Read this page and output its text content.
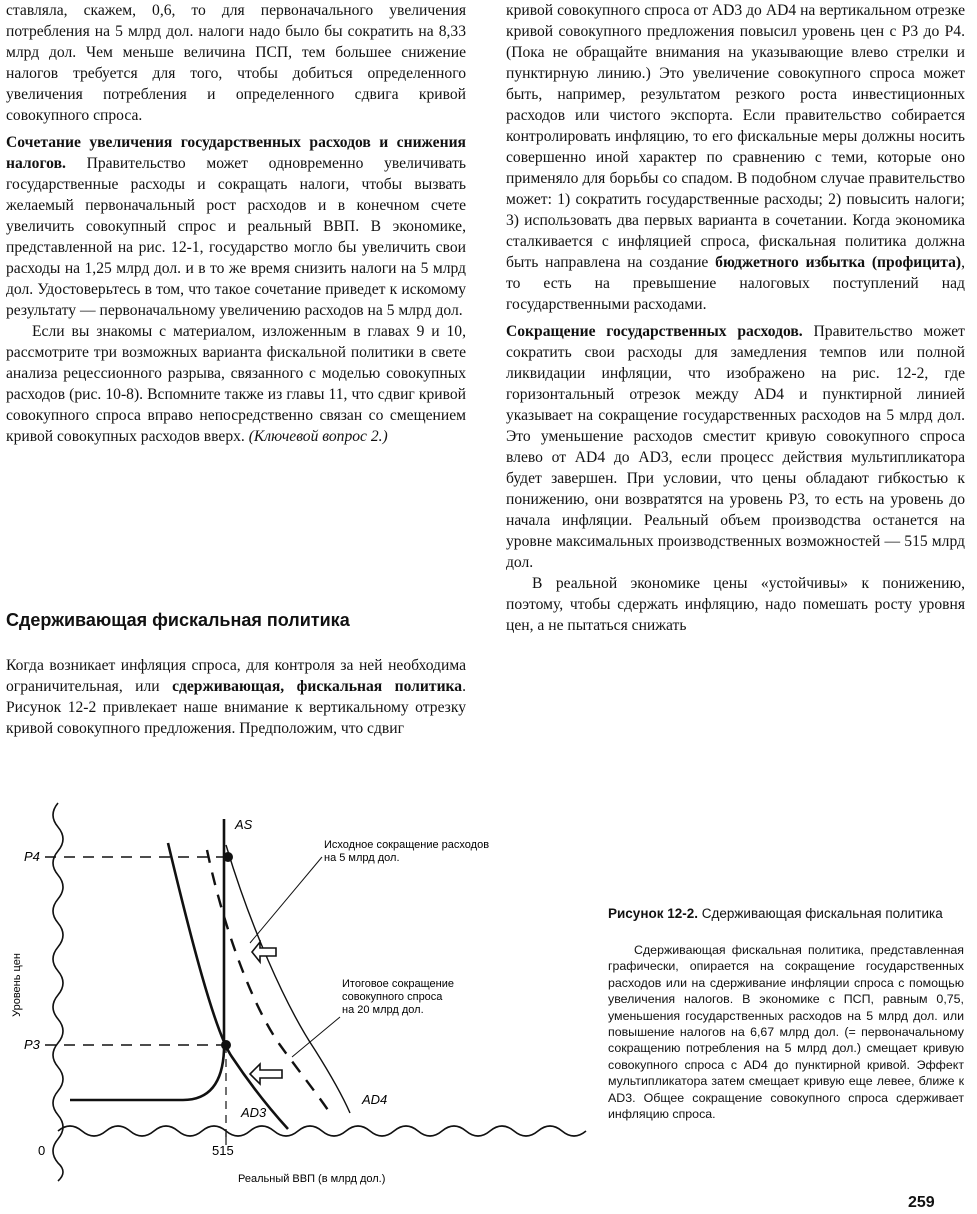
ставляла, скажем, 0,6, то для первоначального увеличения потребления на 5 млрд дол. налоги надо было бы сократить на 8,33 млрд дол. Чем меньше величина ПСП, тем большее снижение налогов требуется для того, чтобы добиться определенного увеличения потребления и определенного сдвига кривой совокупного спроса.

Сочетание увеличения государственных расходов и снижения налогов. Правительство может одновременно увеличивать государственные расходы и сокращать налоги, чтобы вызвать желаемый первоначальный рост расходов и в конечном счете увеличить совокупный спрос и реальный ВВП. В экономике, представленной на рис. 12-1, государство могло бы увеличить свои расходы на 1,25 млрд дол. и в то же время снизить налоги на 5 млрд дол. Удостоверьтесь в том, что такое сочетание приведет к искомому результату — первоначальному увеличению расходов на 5 млрд дол.

Если вы знакомы с материалом, изложенным в главах 9 и 10, рассмотрите три возможных варианта фискальной политики в свете анализа рецессионного разрыва, связанного с моделью совокупных расходов (рис. 10-8). Вспомните также из главы 11, что сдвиг кривой совокупного спроса вправо непосредственно связан со смещением кривой совокупных расходов вверх. (Ключевой вопрос 2.)

Сдерживающая фискальная политика

Когда возникает инфляция спроса, для контроля за ней необходима ограничительная, или сдерживающая, фискальная политика. Рисунок 12-2 привлекает наше внимание к вертикальному отрезку кривой совокупного предложения. Предположим, что сдвиг

кривой совокупного спроса от AD3 до AD4 на вертикальном отрезке кривой совокупного предложения повысил уровень цен с P3 до P4. (Пока не обращайте внимания на указывающие влево стрелки и пунктирную линию.) Это увеличение совокупного спроса может быть, например, результатом резкого роста инвестиционных расходов или чистого экспорта. Если правительство собирается контролировать инфляцию, то его фискальные меры должны носить совершенно иной характер по сравнению с теми, которые оно применяло для борьбы со спадом. В подобном случае правительство может: 1) сократить государственные расходы; 2) повысить налоги; 3) использовать два первых варианта в сочетании. Когда экономика сталкивается с инфляцией спроса, фискальная политика должна быть направлена на создание бюджетного избытка (профицита), то есть на превышение налоговых поступлений над государственными расходами.

Сокращение государственных расходов. Правительство может сократить свои расходы для замедления темпов или полной ликвидации инфляции, что изображено на рис. 12-2, где горизонтальный отрезок между AD4 и пунктирной линией указывает на сокращение государственных расходов на 5 млрд дол. Это уменьшение расходов сместит кривую совокупного спроса влево от AD4 до AD3, если процесс действия мультипликатора будет завершен. При условии, что цены обладают гибкостью к понижению, они возвратятся на уровень P3, то есть на уровень до начала инфляции. Реальный объем производства останется на уровне максимальных производственных возможностей — 515 млрд дол.

В реальной экономике цены «устойчивы» к понижению, поэтому, чтобы сдержать инфляцию, надо помешать росту уровня цен, а не пытаться снижать

Уровень цен
P4
P3
0	515
Реальный ВВП (в млрд дол.)
AS
AD3
AD4
Исходное сокращение расходов на 5 млрд дол.
Итоговое сокращение совокупного спроса на 20 млрд дол.
Рисунок 12-2. Сдерживающая фискальная политика
Сдерживающая фискальная политика, представленная графически, опирается на сокращение государственных расходов или на сдерживание инфляции спроса с помощью увеличения налогов. В экономике с ПСП, равным 0,75, уменьшения государственных расходов на 5 млрд дол. или повышение налогов на 6,67 млрд дол. (= первоначальному сокращению потребления на 5 млрд дол.) смещает кривую совокупного спроса с AD4 до пунктирной кривой. Эффект мультипликатора затем смещает кривую еще левее, ближе к AD3. Общее сокращение совокупного спроса сдерживает инфляцию спроса.
259
